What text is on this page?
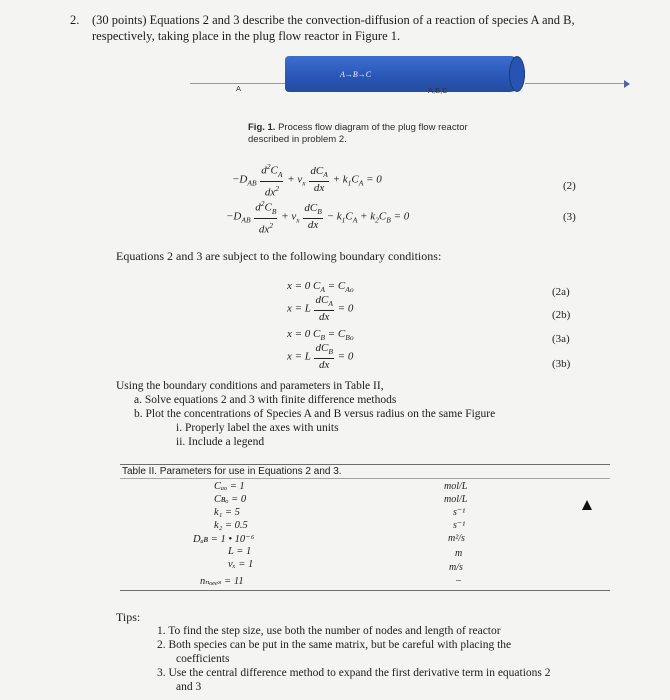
2. (30 points) Equations 2 and 3 describe the convection-diffusion of a reaction of species A and B, respectively, taking place in the plug flow reactor in Figure 1.
A→B→C
A	A,B,C
Fig. 1. Process flow diagram of the plug flow reactor described in problem 2.
$-D_{AB} \frac{d^2C_A}{dx^2} + v_x \frac{dC_A}{dx} + k_1C_A = 0$
(2)
$-D_{AB} \frac{d^2C_B}{dx^2} + v_x \frac{dC_B}{dx} - k_1C_A + k_2C_B = 0$	(3)
Equations 2 and 3 are subject to the following boundary conditions:
x = 0 $C_A = C_{Ao}$
x = L $\frac{dC_A}{dx} = 0$
x = 0 $C_B = C_{Bo}$
x = L $\frac{dC_B}{dx} = 0$
(2a)
(2b)
(3a)
(3b)
Using the boundary conditions and parameters in Table II,
a. Solve equations 2 and 3 with finite difference methods
b. Plot the concentrations of Species A and B versus radius on the same Figure
i. Properly label the axes with units
ii. Include a legend
Table II. Parameters for use in Equations 2 and 3.
Cₐₒ = 1
Cʙₒ = 0
k₁ = 5
k₂ = 0.5
Dₐʙ = 1 • 10⁻⁶
L = 1
vₓ = 1
nₙₒₑₑₛ = 11
mol/L
mol/L
s⁻¹
s⁻¹
m²/s
m
m/s
–
Tips:
1. To find the step size, use both the number of nodes and length of reactor
2. Both species can be put in the same matrix, but be careful with placing the
coefficients
3. Use the central difference method to expand the first derivative term in equations 2
and 3
